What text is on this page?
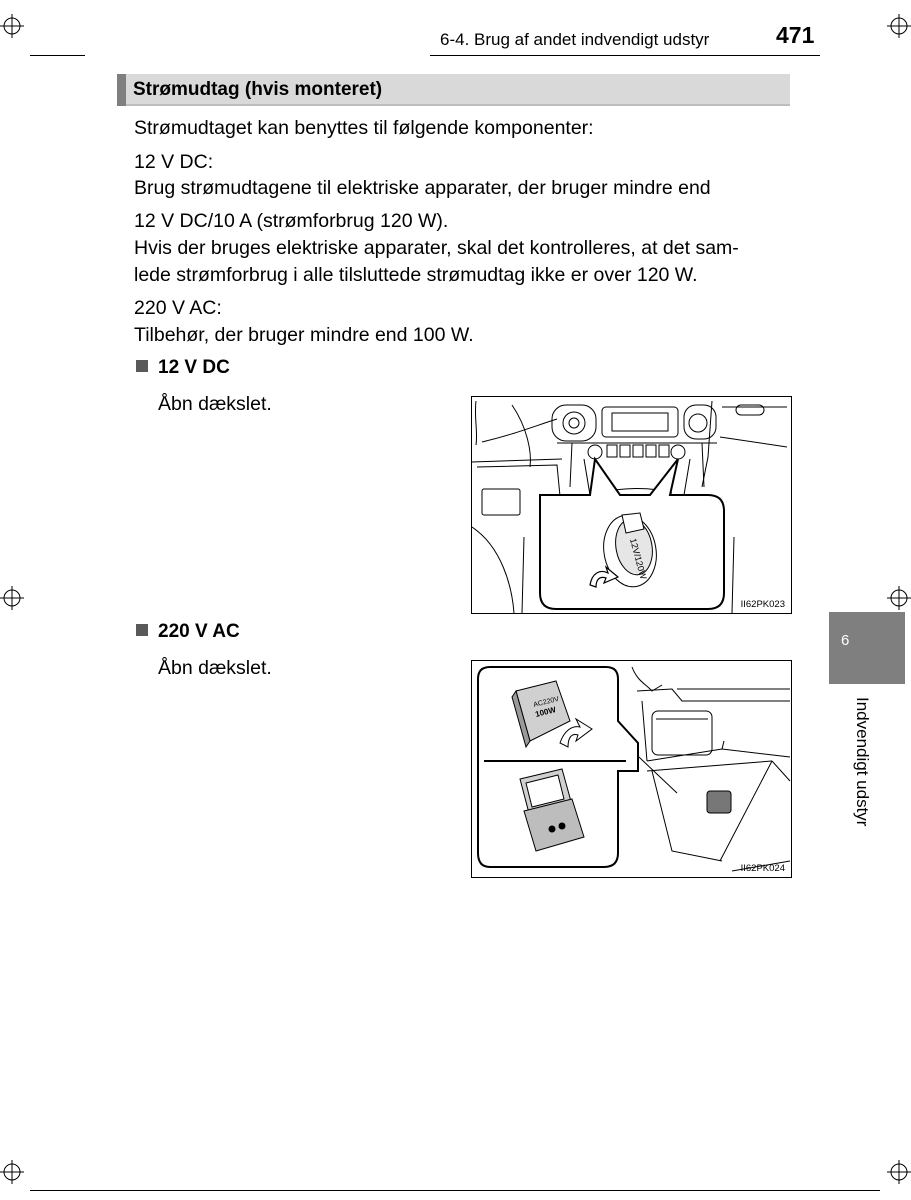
6-4. Brug af andet indvendigt udstyr	471
Strømudtag (hvis monteret)
Strømudtaget kan benyttes til følgende komponenter:
12 V DC:
Brug strømudtagene til elektriske apparater, der bruger mindre end
12 V DC/10 A (strømforbrug 120 W).
Hvis der bruges elektriske apparater, skal det kontrolleres, at det sam-
lede strømforbrug i alle tilsluttede strømudtag ikke er over 120 W.
220 V AC:
Tilbehør, der bruger mindre end 100 W.
12 V DC
Åbn dækslet.
12V/120W
II62PK023
220 V AC
Åbn dækslet.
AC220V
100W
II62PK024
6
Indvendigt udstyr
